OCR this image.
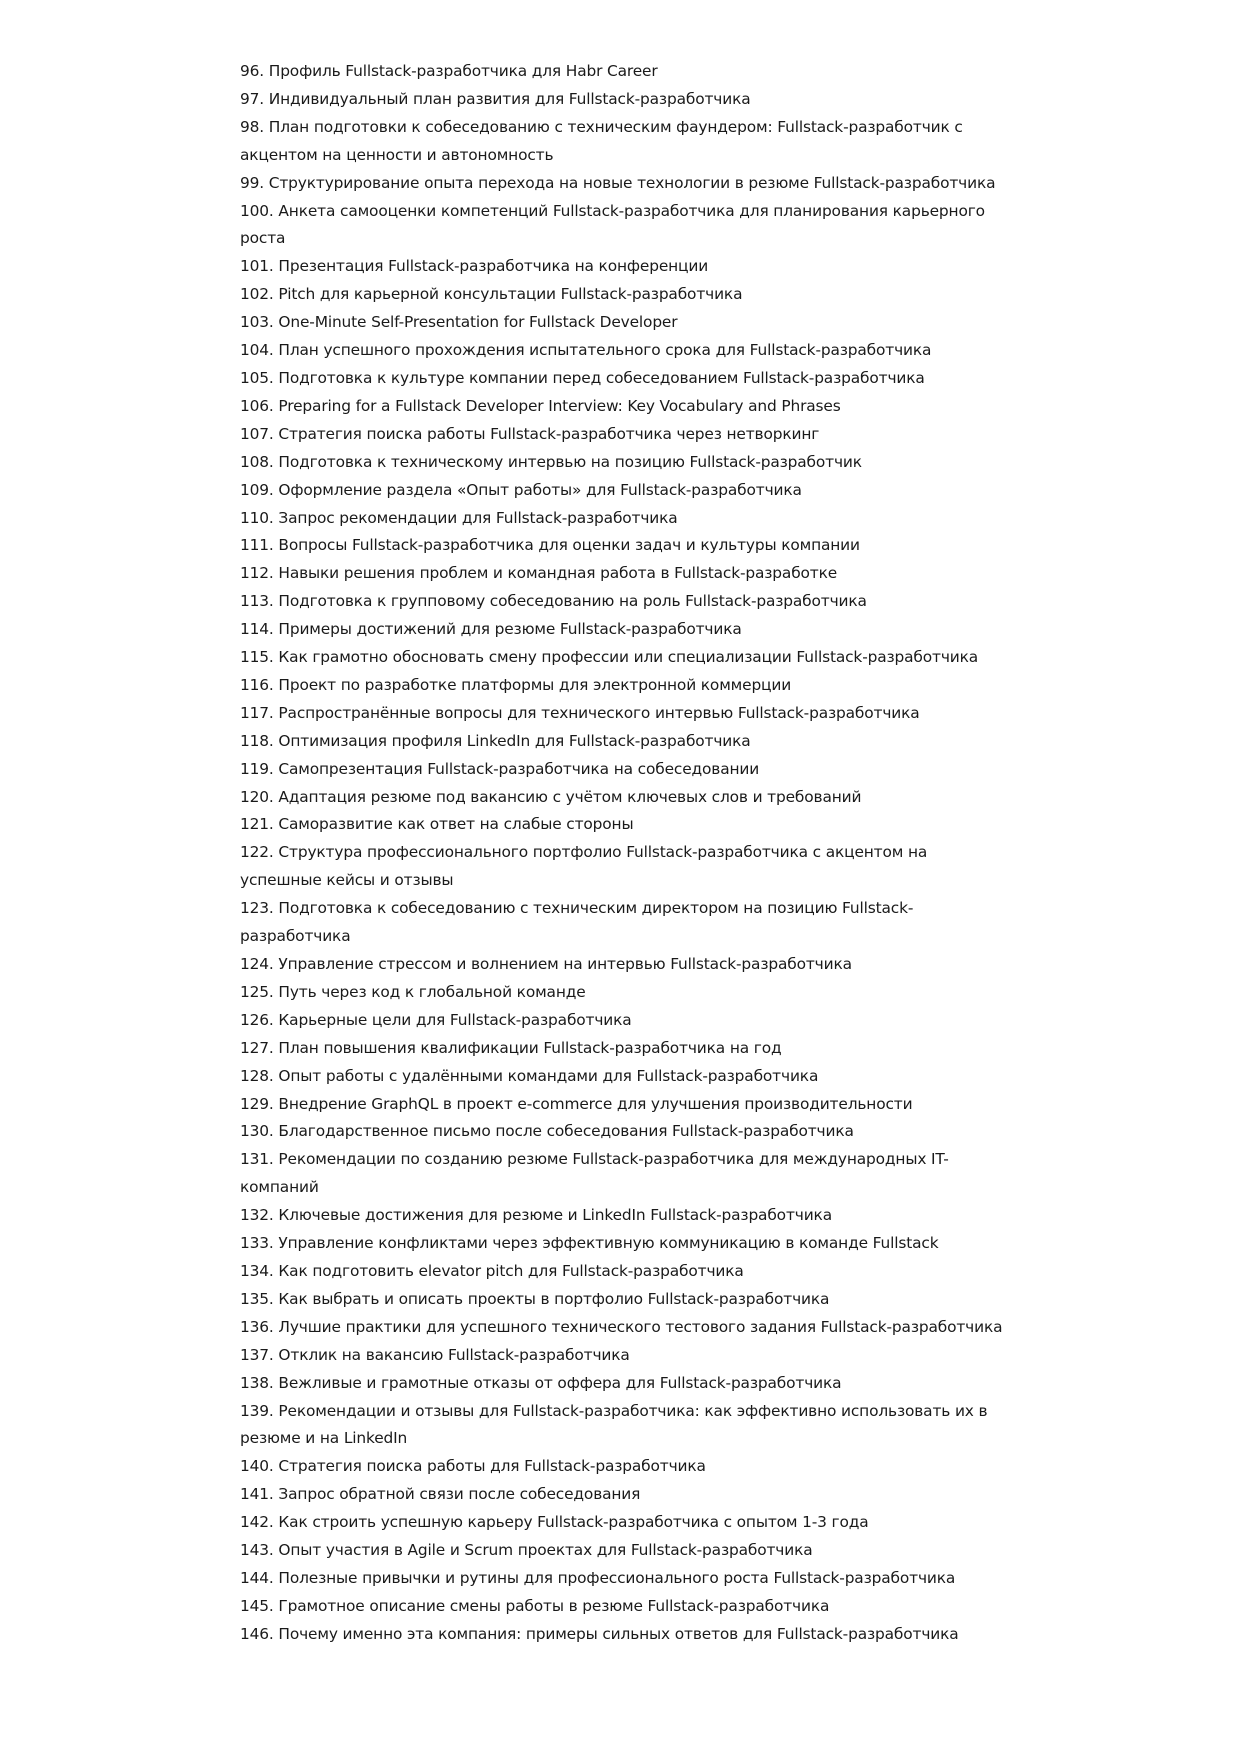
96. Профиль Fullstack-разработчика для Habr Career
97. Индивидуальный план развития для Fullstack-разработчика
98. План подготовки к собеседованию с техническим фаундером: Fullstack-разработчик с
акцентом на ценности и автономность
99. Структурирование опыта перехода на новые технологии в резюме Fullstack-разработчика
100. Анкета самооценки компетенций Fullstack-разработчика для планирования карьерного
роста
101. Презентация Fullstack-разработчика на конференции
102. Pitch для карьерной консультации Fullstack-разработчика
103. One-Minute Self-Presentation for Fullstack Developer
104. План успешного прохождения испытательного срока для Fullstack-разработчика
105. Подготовка к культуре компании перед собеседованием Fullstack-разработчика
106. Preparing for a Fullstack Developer Interview: Key Vocabulary and Phrases
107. Стратегия поиска работы Fullstack-разработчика через нетворкинг
108. Подготовка к техническому интервью на позицию Fullstack-разработчик
109. Оформление раздела «Опыт работы» для Fullstack-разработчика
110. Запрос рекомендации для Fullstack-разработчика
111. Вопросы Fullstack-разработчика для оценки задач и культуры компании
112. Навыки решения проблем и командная работа в Fullstack-разработке
113. Подготовка к групповому собеседованию на роль Fullstack-разработчика
114. Примеры достижений для резюме Fullstack-разработчика
115. Как грамотно обосновать смену профессии или специализации Fullstack-разработчика
116. Проект по разработке платформы для электронной коммерции
117. Распространённые вопросы для технического интервью Fullstack-разработчика
118. Оптимизация профиля LinkedIn для Fullstack-разработчика
119. Самопрезентация Fullstack-разработчика на собеседовании
120. Адаптация резюме под вакансию с учётом ключевых слов и требований
121. Саморазвитие как ответ на слабые стороны
122. Структура профессионального портфолио Fullstack-разработчика с акцентом на
успешные кейсы и отзывы
123. Подготовка к собеседованию с техническим директором на позицию Fullstack-
разработчика
124. Управление стрессом и волнением на интервью Fullstack-разработчика
125. Путь через код к глобальной команде
126. Карьерные цели для Fullstack-разработчика
127. План повышения квалификации Fullstack-разработчика на год
128. Опыт работы с удалёнными командами для Fullstack-разработчика
129. Внедрение GraphQL в проект e-commerce для улучшения производительности
130. Благодарственное письмо после собеседования Fullstack-разработчика
131. Рекомендации по созданию резюме Fullstack-разработчика для международных IT-
компаний
132. Ключевые достижения для резюме и LinkedIn Fullstack-разработчика
133. Управление конфликтами через эффективную коммуникацию в команде Fullstack
134. Как подготовить elevator pitch для Fullstack-разработчика
135. Как выбрать и описать проекты в портфолио Fullstack-разработчика
136. Лучшие практики для успешного технического тестового задания Fullstack-разработчика
137. Отклик на вакансию Fullstack-разработчика
138. Вежливые и грамотные отказы от оффера для Fullstack-разработчика
139. Рекомендации и отзывы для Fullstack-разработчика: как эффективно использовать их в
резюме и на LinkedIn
140. Стратегия поиска работы для Fullstack-разработчика
141. Запрос обратной связи после собеседования
142. Как строить успешную карьеру Fullstack-разработчика с опытом 1-3 года
143. Опыт участия в Agile и Scrum проектах для Fullstack-разработчика
144. Полезные привычки и рутины для профессионального роста Fullstack-разработчика
145. Грамотное описание смены работы в резюме Fullstack-разработчика
146. Почему именно эта компания: примеры сильных ответов для Fullstack-разработчика
